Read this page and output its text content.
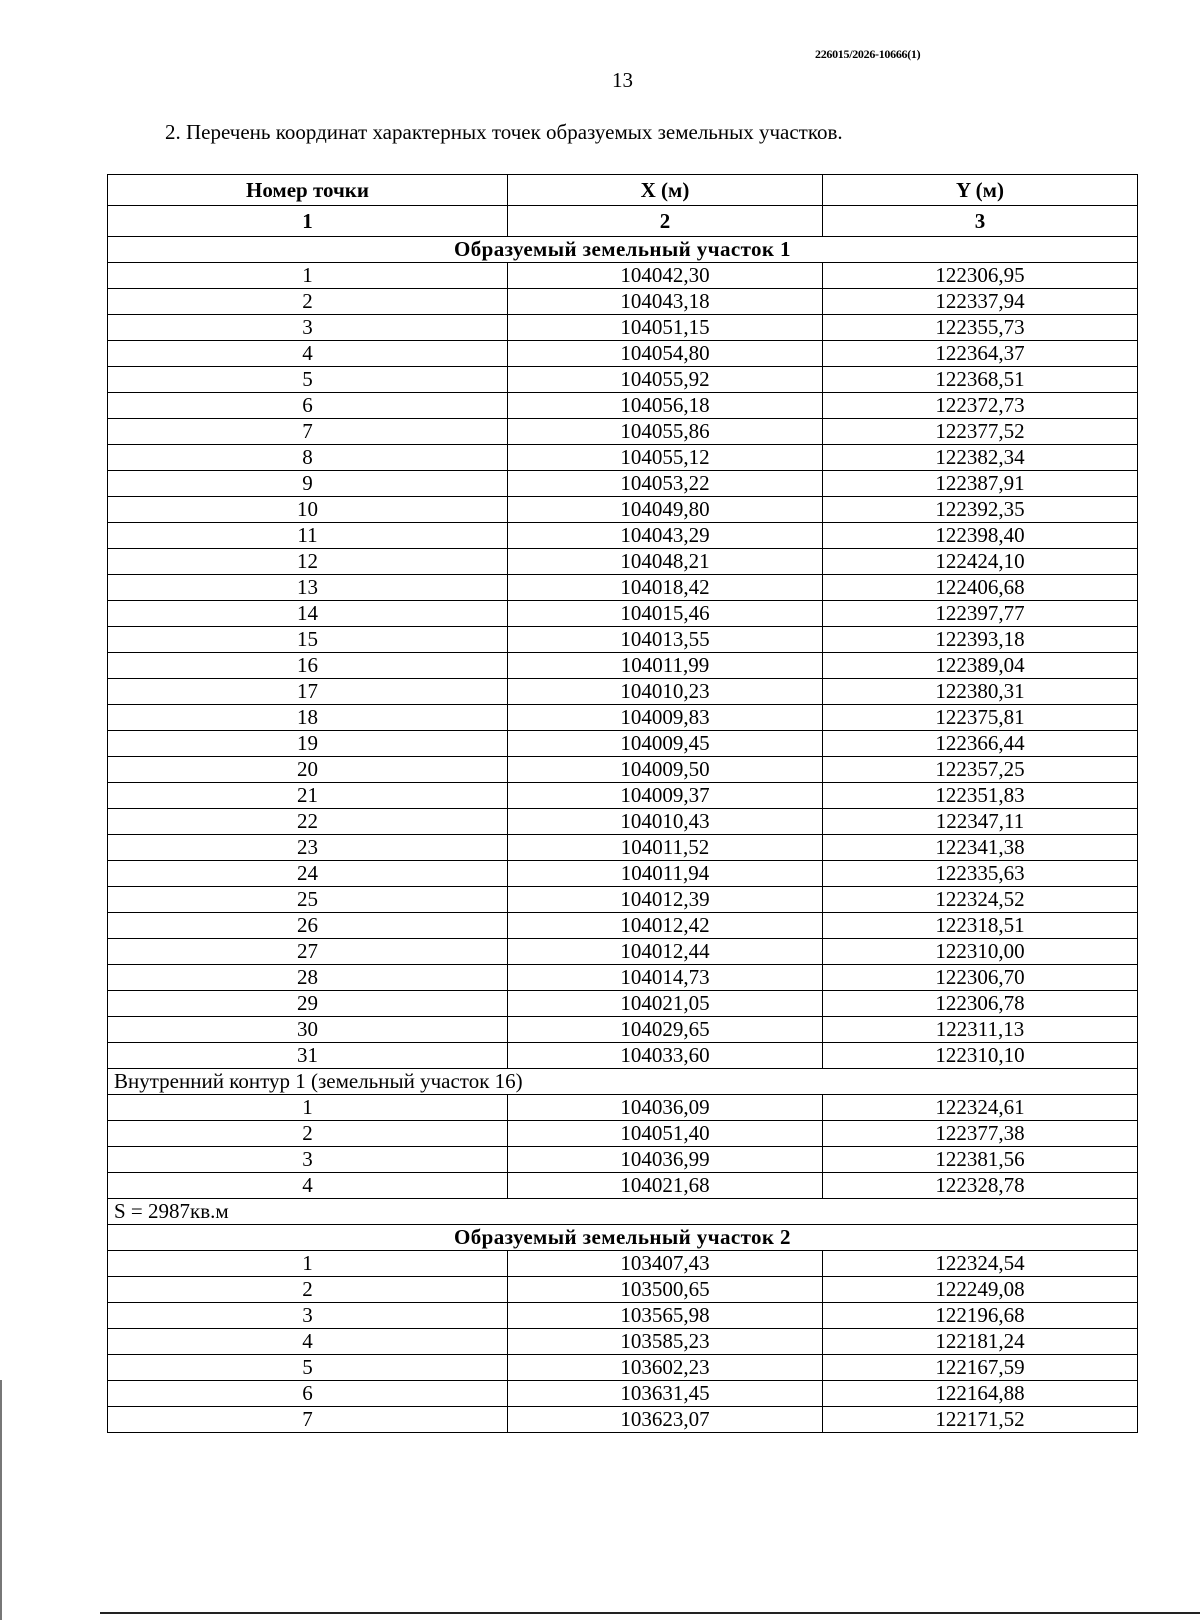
226015/2026-10666(1)
13
2. Перечень координат характерных точек образуемых земельных участков.
Номер точки	X (м)	Y (м)
1	2	3
Образуемый земельный участок 1		
1	104042,30	122306,95
2	104043,18	122337,94
3	104051,15	122355,73
4	104054,80	122364,37
5	104055,92	122368,51
6	104056,18	122372,73
7	104055,86	122377,52
8	104055,12	122382,34
9	104053,22	122387,91
10	104049,80	122392,35
11	104043,29	122398,40
12	104048,21	122424,10
13	104018,42	122406,68
14	104015,46	122397,77
15	104013,55	122393,18
16	104011,99	122389,04
17	104010,23	122380,31
18	104009,83	122375,81
19	104009,45	122366,44
20	104009,50	122357,25
21	104009,37	122351,83
22	104010,43	122347,11
23	104011,52	122341,38
24	104011,94	122335,63
25	104012,39	122324,52
26	104012,42	122318,51
27	104012,44	122310,00
28	104014,73	122306,70
29	104021,05	122306,78
30	104029,65	122311,13
31	104033,60	122310,10
Внутренний контур 1 (земельный участок 16)		
1	104036,09	122324,61
2	104051,40	122377,38
3	104036,99	122381,56
4	104021,68	122328,78
S = 2987кв.м		
Образуемый земельный участок 2		
1	103407,43	122324,54
2	103500,65	122249,08
3	103565,98	122196,68
4	103585,23	122181,24
5	103602,23	122167,59
6	103631,45	122164,88
7	103623,07	122171,52
